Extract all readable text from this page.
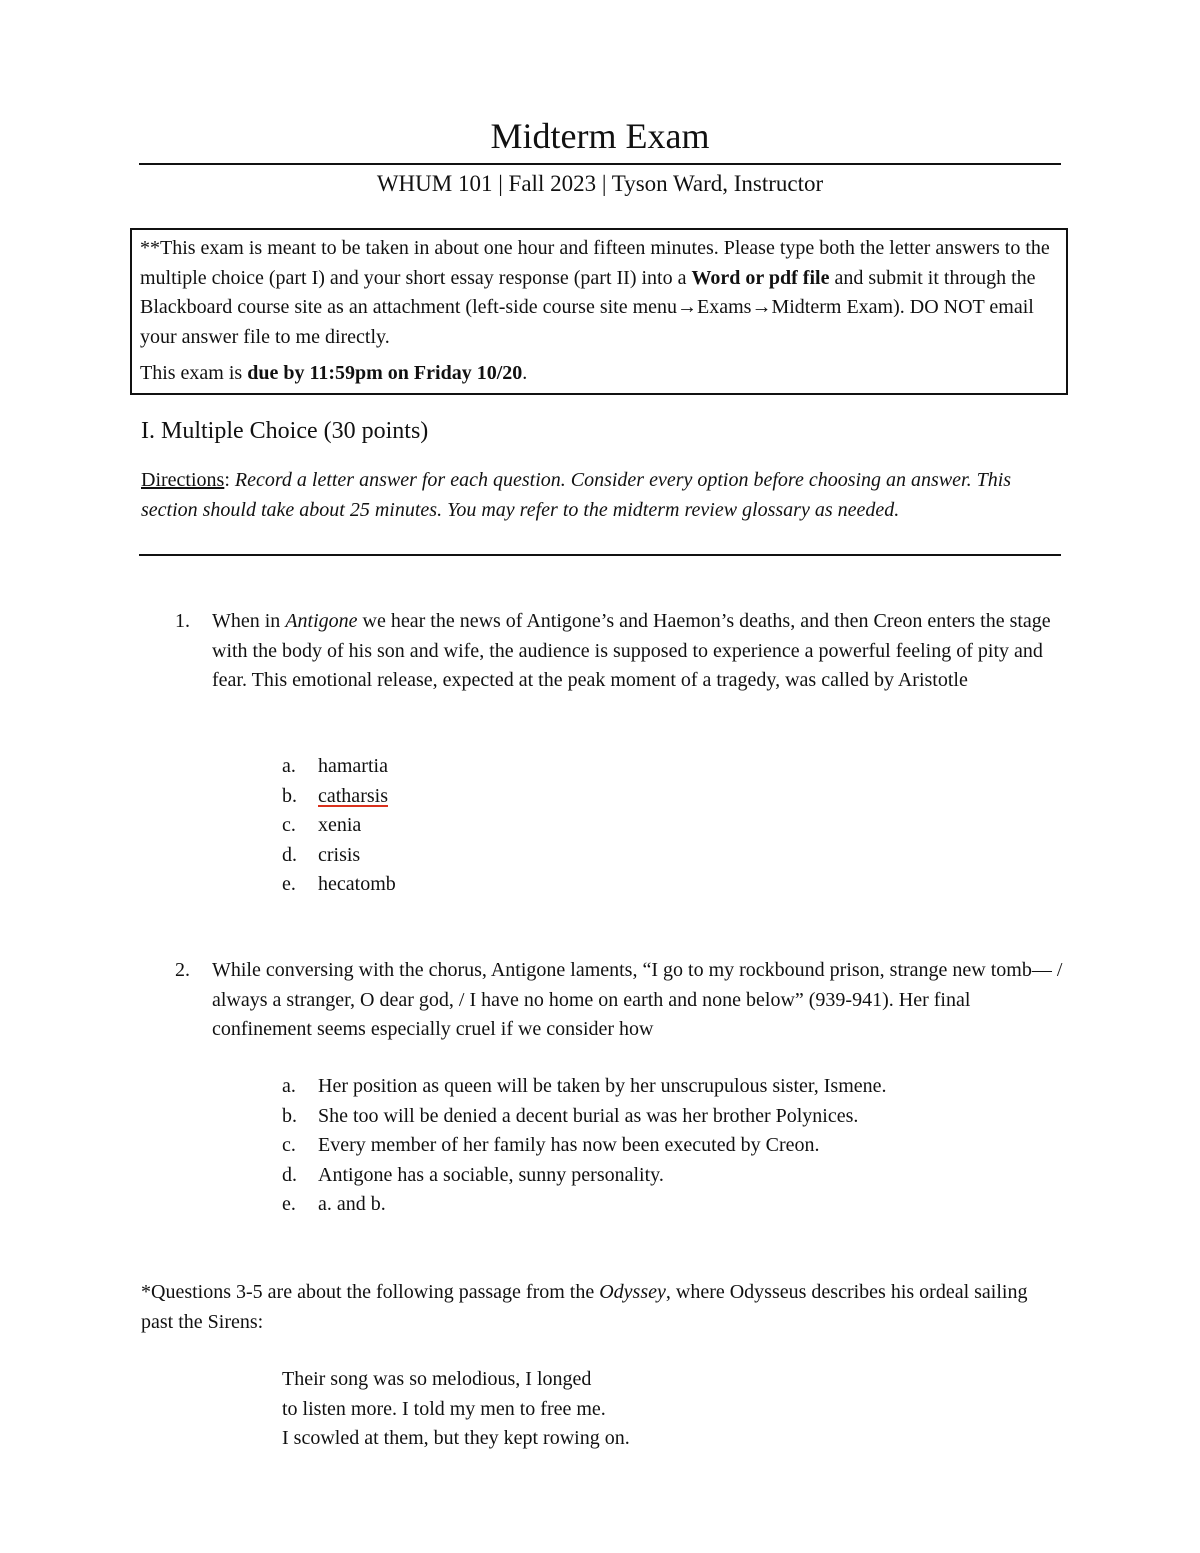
Midterm Exam
WHUM 101 | Fall 2023 | Tyson Ward, Instructor

**This exam is meant to be taken in about one hour and fifteen minutes. Please type both the letter answers to the multiple choice (part I) and your short essay response (part II) into a Word or pdf file and submit it through the Blackboard course site as an attachment (left-side course site menu→Exams→Midterm Exam). DO NOT email your answer file to me directly.

This exam is due by 11:59pm on Friday 10/20.

I. Multiple Choice (30 points)
Directions: Record a letter answer for each question. Consider every option before choosing an answer. This section should take about 25 minutes. You may refer to the midterm review glossary as needed.
1.	When in Antigone we hear the news of Antigone’s and Haemon’s deaths, and then Creon enters the stage with the body of his son and wife, the audience is supposed to experience a powerful feeling of pity and fear. This emotional release, expected at the peak moment of a tragedy, was called by Aristotle
a. hamartia
b. catharsis
c. xenia
d. crisis
e. hecatomb
2.	While conversing with the chorus, Antigone laments, “I go to my rockbound prison, strange new tomb— / always a stranger, O dear god, / I have no home on earth and none below” (939-941). Her final confinement seems especially cruel if we consider how
a. Her position as queen will be taken by her unscrupulous sister, Ismene.
b. She too will be denied a decent burial as was her brother Polynices.
c. Every member of her family has now been executed by Creon.
d. Antigone has a sociable, sunny personality.
e. a. and b.
*Questions 3-5 are about the following passage from the Odyssey, where Odysseus describes his ordeal sailing past the Sirens:
Their song was so melodious, I longed
to listen more. I told my men to free me.
I scowled at them, but they kept rowing on.
